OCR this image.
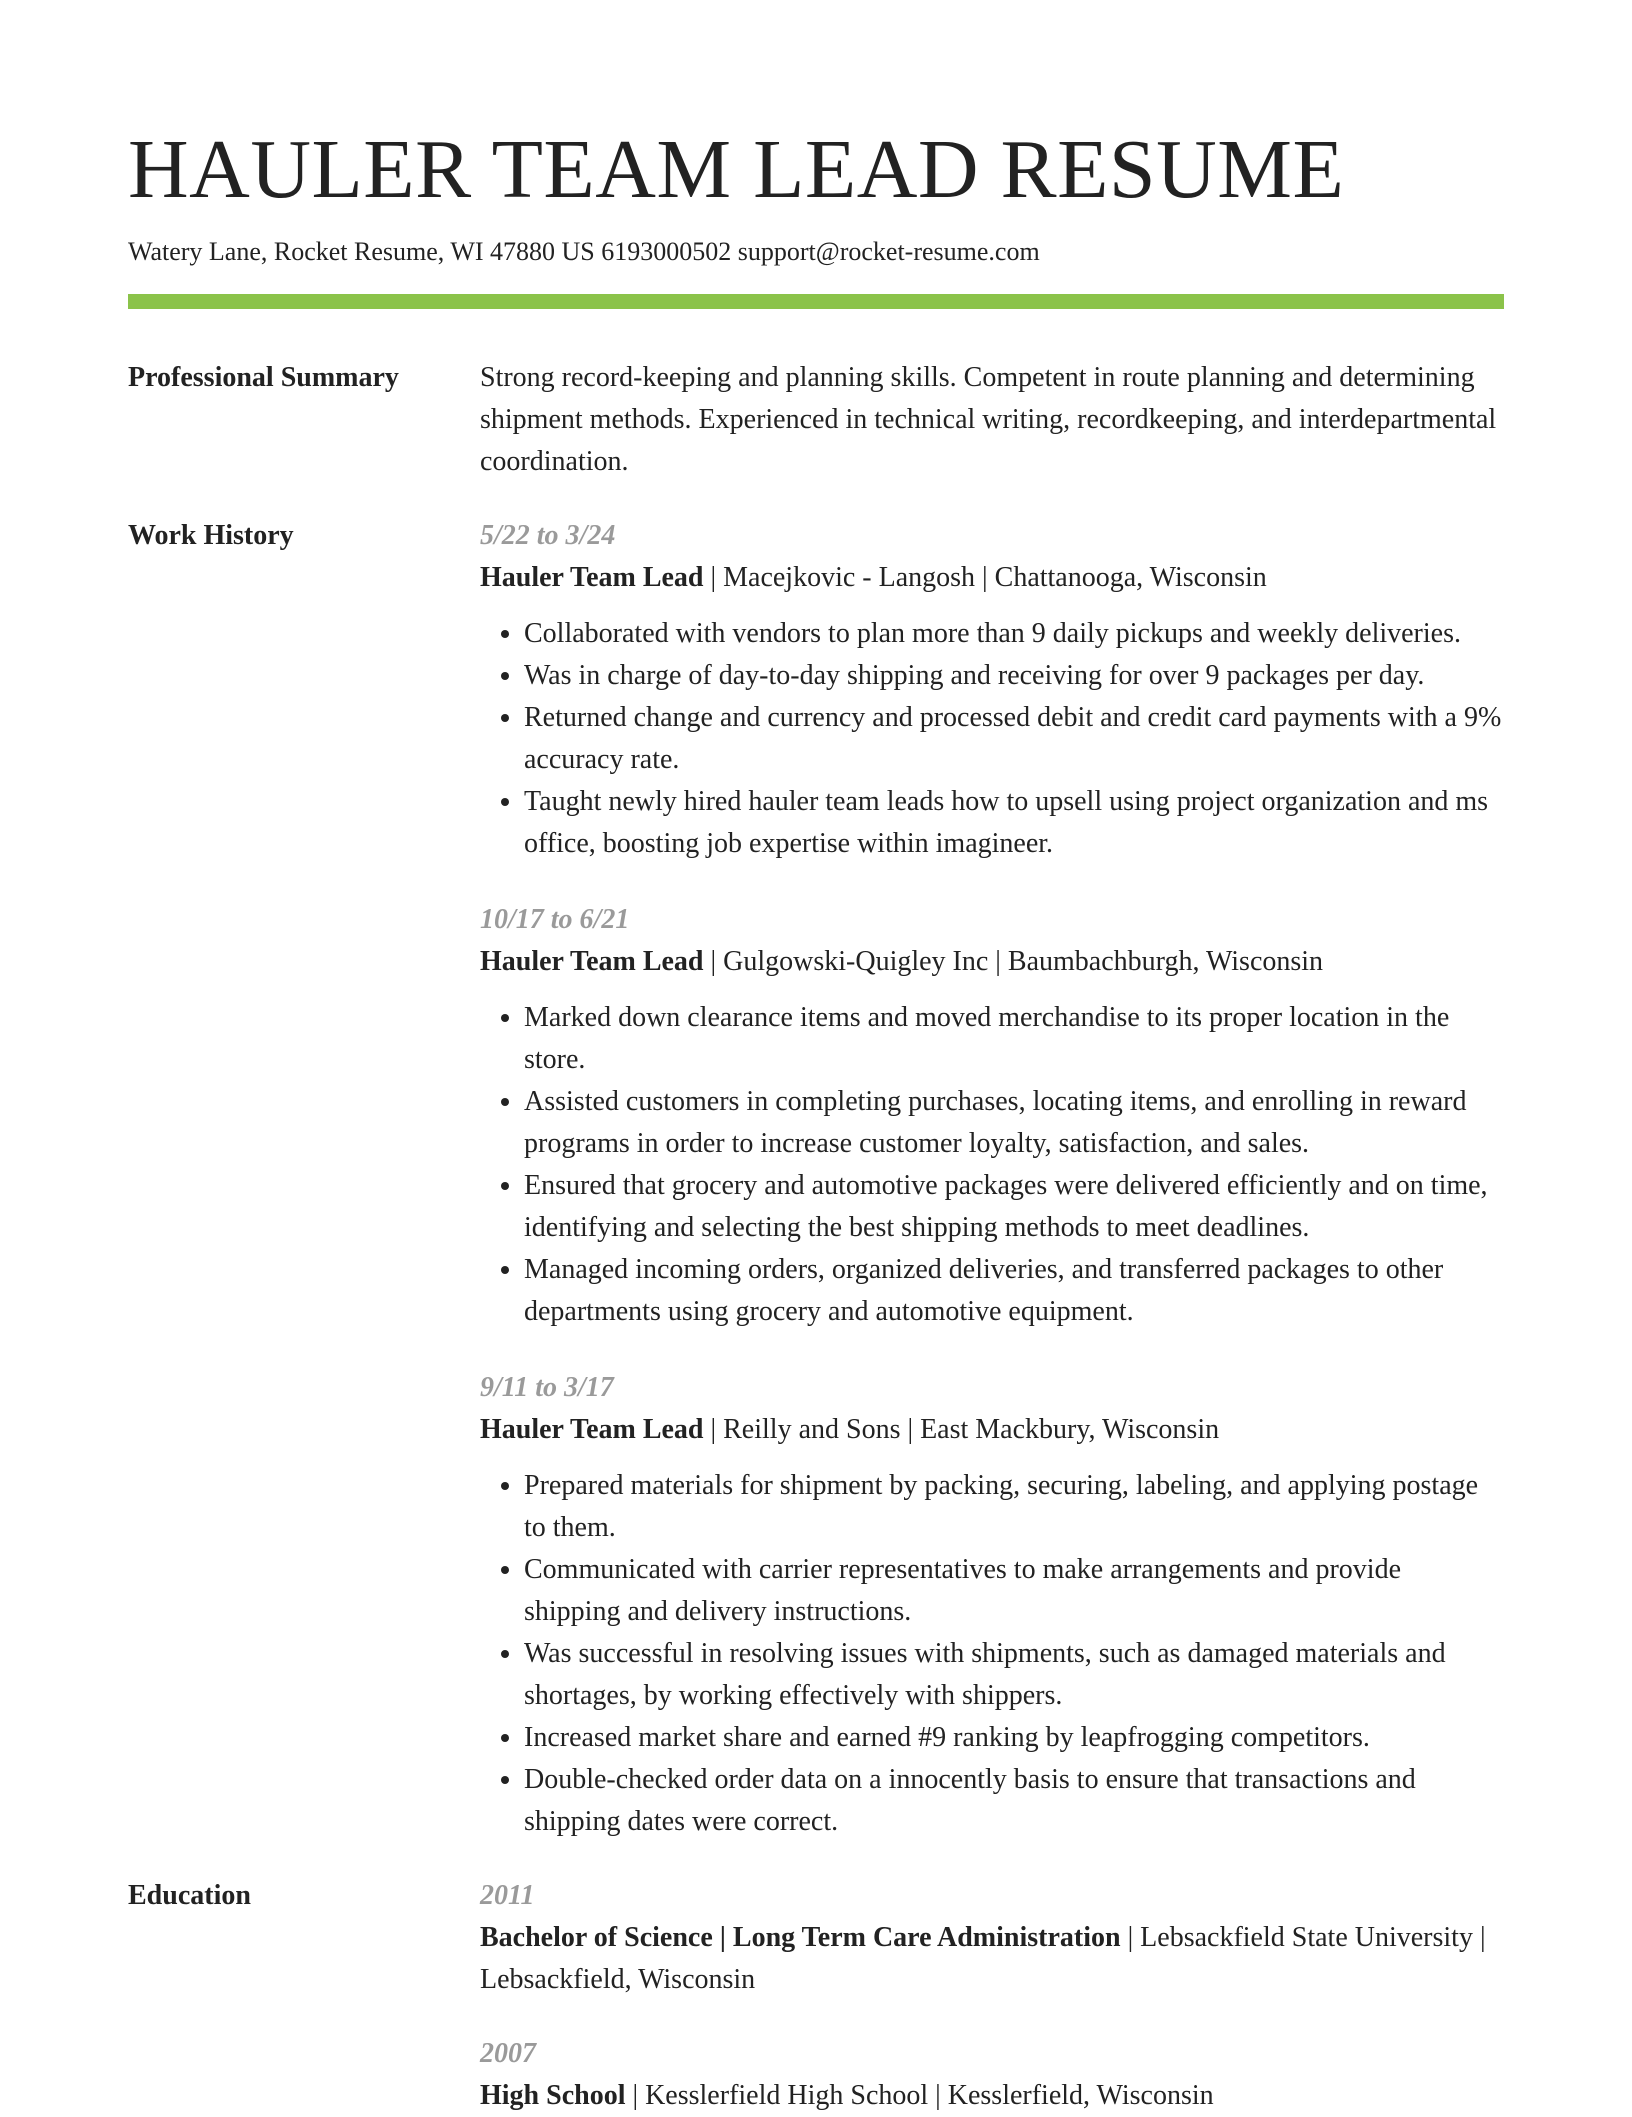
HAULER TEAM LEAD RESUME
Watery Lane, Rocket Resume, WI 47880 US 6193000502 support@rocket-resume.com
Professional Summary	Strong record-keeping and planning skills. Competent in route planning and determining shipment methods. Experienced in technical writing, recordkeeping, and interdepartmental coordination.

Work History	5/22 to 3/24
Hauler Team Lead | Macejkovic - Langosh | Chattanooga, Wisconsin
• Collaborated with vendors to plan more than 9 daily pickups and weekly deliveries.
• Was in charge of day-to-day shipping and receiving for over 9 packages per day.
• Returned change and currency and processed debit and credit card payments with a 9% accuracy rate.
• Taught newly hired hauler team leads how to upsell using project organization and ms office, boosting job expertise within imagineer.
10/17 to 6/21
Hauler Team Lead | Gulgowski-Quigley Inc | Baumbachburgh, Wisconsin
• Marked down clearance items and moved merchandise to its proper location in the store.
• Assisted customers in completing purchases, locating items, and enrolling in reward programs in order to increase customer loyalty, satisfaction, and sales.
• Ensured that grocery and automotive packages were delivered efficiently and on time, identifying and selecting the best shipping methods to meet deadlines.
• Managed incoming orders, organized deliveries, and transferred packages to other departments using grocery and automotive equipment.
9/11 to 3/17
Hauler Team Lead | Reilly and Sons | East Mackbury, Wisconsin
• Prepared materials for shipment by packing, securing, labeling, and applying postage to them.
• Communicated with carrier representatives to make arrangements and provide shipping and delivery instructions.
• Was successful in resolving issues with shipments, such as damaged materials and shortages, by working effectively with shippers.
• Increased market share and earned #9 ranking by leapfrogging competitors.
• Double-checked order data on a innocently basis to ensure that transactions and shipping dates were correct.
Education	2011
Bachelor of Science | Long Term Care Administration | Lebsackfield State University | Lebsackfield, Wisconsin
2007
High School | Kesslerfield High School | Kesslerfield, Wisconsin
